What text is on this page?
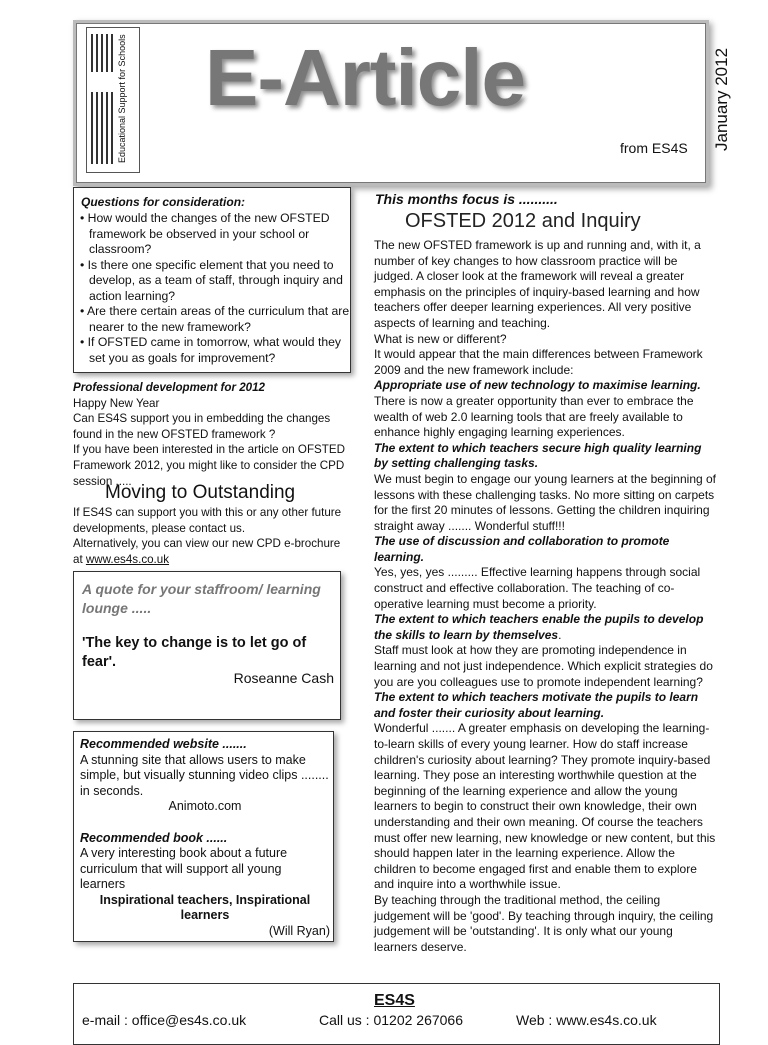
Educational Support for Schools E-Article
from ES4S January 2012
Questions for consideration:
• How would the changes of the new OFSTED framework be observed in your school or classroom?
• Is there one specific element that you need to develop, as a team of staff, through inquiry and action learning?
• Are there certain areas of the curriculum that are nearer to the new framework?
• If OFSTED came in tomorrow, what would they set you as goals for improvement?
Professional development for 2012
Happy New Year
Can ES4S support you in embedding the changes found in the new OFSTED framework ?
If you have been interested in the article on OFSTED Framework 2012, you might like to consider the CPD session .....
Moving to Outstanding
If ES4S can support you with this or any other future developments, please contact us.
Alternatively, you can view our new CPD e-brochure at www.es4s.co.uk
A quote for your staffroom/ learning lounge .....
'The key to change is to let go of fear'.
Roseanne Cash
Recommended website .......
A stunning site that allows users to make simple, but visually stunning video clips ........ in seconds.
Animoto.com
Recommended book ......
A very interesting book about a future curriculum that will support all young learners
Inspirational teachers, Inspirational learners
(Will Ryan)
This months focus is ..........
OFSTED 2012 and Inquiry

The new OFSTED framework is up and running and, with it, a number of key changes to how classroom practice will be judged. A closer look at the framework will reveal a greater emphasis on the principles of inquiry-based learning and how teachers offer deeper learning experiences. All very positive aspects of learning and teaching.

What is new or different?

It would appear that the main differences between Framework 2009 and the new framework include:

Appropriate use of new technology to maximise learning. There is now a greater opportunity than ever to embrace the wealth of web 2.0 learning tools that are freely available to enhance highly engaging learning experiences.

The extent to which teachers secure high quality learning by setting challenging tasks.

We must begin to engage our young learners at the beginning of lessons with these challenging tasks. No more sitting on carpets for the first 20 minutes of lessons. Getting the children inquiring straight away ....... Wonderful stuff!!!

The use of discussion and collaboration to promote learning.

Yes, yes, yes ......... Effective learning happens through social construct and effective collaboration. The teaching of co-operative learning must become a priority.

The extent to which teachers enable the pupils to develop the skills to learn by themselves.

Staff must look at how they are promoting independence in learning and not just independence. Which explicit strategies do you are you colleagues use to promote independent learning?

The extent to which teachers motivate the pupils to learn and foster their curiosity about learning.

Wonderful ....... A greater emphasis on developing the learning-to-learn skills of every young learner. How do staff increase children's curiosity about learning? They promote inquiry-based learning. They pose an interesting worthwhile question at the beginning of the learning experience and allow the young learners to begin to construct their own knowledge, their own understanding and their own meaning. Of course the teachers must offer new learning, new knowledge or new content, but this should happen later in the learning experience. Allow the children to become engaged first and enable them to explore and inquire into a worthwhile issue.

By teaching through the traditional method, the ceiling judgement will be 'good'. By teaching through inquiry, the ceiling judgement will be 'outstanding'. It is only what our young learners deserve.

ES4S
e-mail : office@es4s.co.uk	Call us : 01202 267066	Web : www.es4s.co.uk
